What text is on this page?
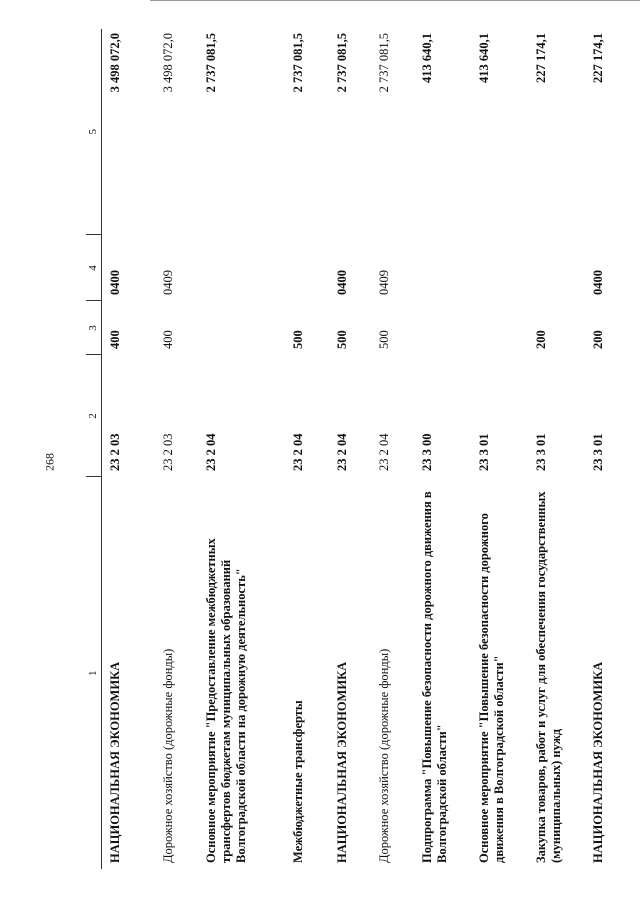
268
1	2	3	4	5
НАЦИОНАЛЬНАЯ ЭКОНОМИКА	23 2 03	400	0400	3 498 072,0
Дорожное хозяйство (дорожные фонды)	23 2 03	400	0409	3 498 072,0
Основное мероприятие "Предоставление межбюджетных трансфертов бюджетам муниципальных образований Волгоградской области на дорожную деятельность"	23 2 04			2 737 081,5
Межбюджетные трансферты	23 2 04	500		2 737 081,5
НАЦИОНАЛЬНАЯ ЭКОНОМИКА	23 2 04	500	0400	2 737 081,5
Дорожное хозяйство (дорожные фонды)	23 2 04	500	0409	2 737 081,5
Подпрограмма "Повышение безопасности дорожного движения в Волгоградской области"	23 3 00			413 640,1
Основное мероприятие "Повышение безопасности дорожного движения в Волгоградской области"	23 3 01			413 640,1
Закупка товаров, работ и услуг для обеспечения государственных (муниципальных) нужд	23 3 01	200		227 174,1
НАЦИОНАЛЬНАЯ ЭКОНОМИКА	23 3 01	200	0400	227 174,1
